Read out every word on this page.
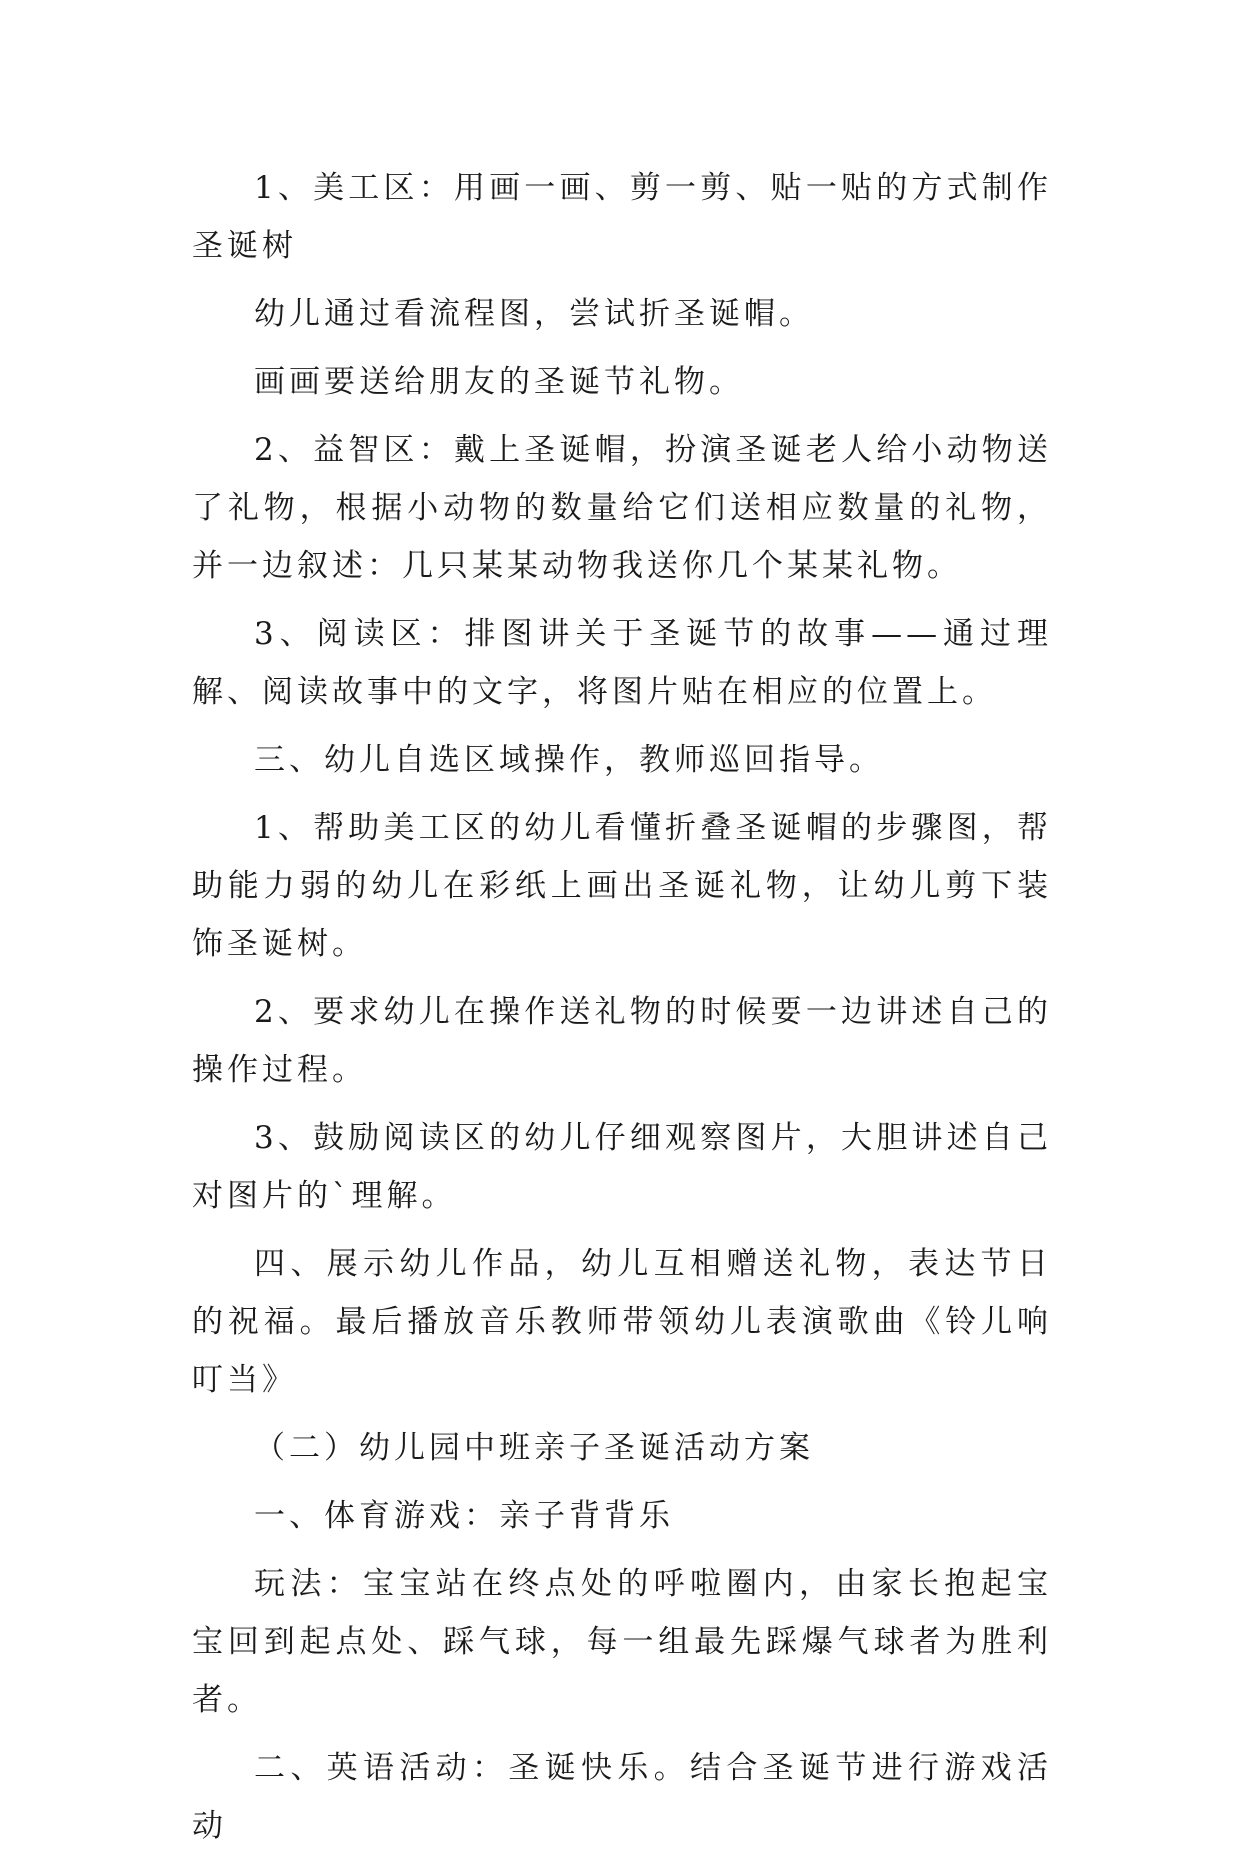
1、美工区：用画一画、剪一剪、贴一贴的方式制作圣诞树

幼儿通过看流程图，尝试折圣诞帽。

画画要送给朋友的圣诞节礼物。

2、益智区：戴上圣诞帽，扮演圣诞老人给小动物送了礼物，根据小动物的数量给它们送相应数量的礼物，并一边叙述：几只某某动物我送你几个某某礼物。

3、阅读区：排图讲关于圣诞节的故事——通过理解、阅读故事中的文字，将图片贴在相应的位置上。

三、幼儿自选区域操作，教师巡回指导。

1、帮助美工区的幼儿看懂折叠圣诞帽的步骤图，帮助能力弱的幼儿在彩纸上画出圣诞礼物，让幼儿剪下装饰圣诞树。

2、要求幼儿在操作送礼物的时候要一边讲述自己的操作过程。

3、鼓励阅读区的幼儿仔细观察图片，大胆讲述自己对图片的`理解。

四、展示幼儿作品，幼儿互相赠送礼物，表达节日的祝福。最后播放音乐教师带领幼儿表演歌曲《铃儿响叮当》

（二）幼儿园中班亲子圣诞活动方案

一、体育游戏：亲子背背乐

玩法：宝宝站在终点处的呼啦圈内，由家长抱起宝宝回到起点处、踩气球，每一组最先踩爆气球者为胜利者。

二、英语活动：圣诞快乐。结合圣诞节进行游戏活动
